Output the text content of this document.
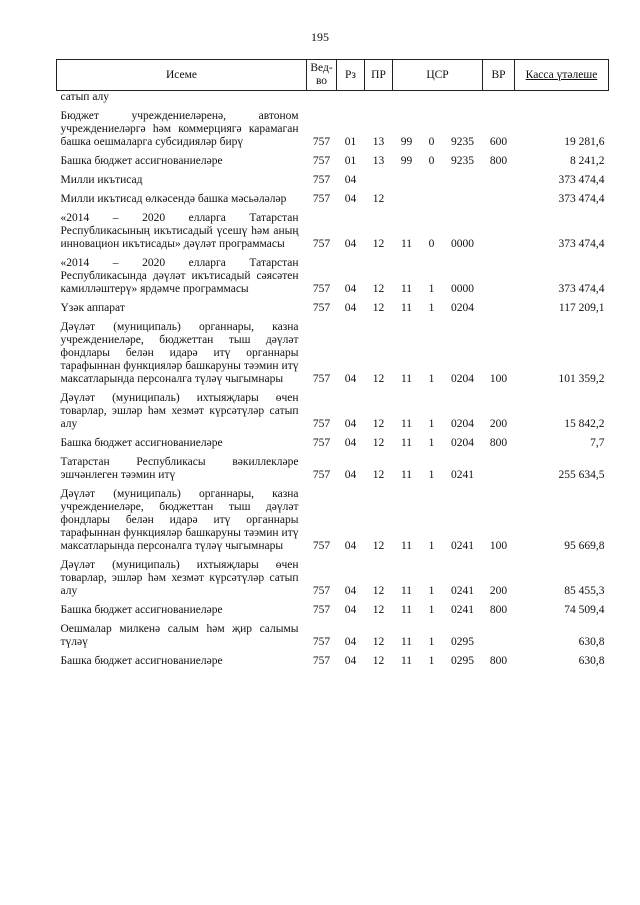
195
Исеме	Вед-во	Рз	ПР	ЦСР			ВР	Касса үтәлеше
сатып алу								
Бюджет учреждениеләренә, автоном учреждениеләргә һәм коммерциягә карамаган башка оешмаларга субсидияләр бирү	757	01	13	99	0	9235	600	19 281,6
Башка бюджет ассигнованиеләре	757	01	13	99	0	9235	800	8 241,2
Милли икътисад	757	04						373 474,4
Милли икътисад өлкәсендә башка мәсьәләләр	757	04	12					373 474,4
«2014 – 2020 елларга Татарстан Республикасының икътисадый үсешү һәм аның инновацион икътисады» дәүләт программасы	757	04	12	11	0	0000		373 474,4
«2014 – 2020 елларга Татарстан Республикасында дәүләт икътисадый сәясәтен камилләштерү» ярдәмче программасы	757	04	12	11	1	0000		373 474,4
Үзәк аппарат	757	04	12	11	1	0204		117 209,1
Дәүләт (муниципаль) органнары, казна учреждениеләре, бюджеттан тыш дәүләт фондлары белән идарә итү органнары тарафыннан функцияләр башкаруны тәэмин итү максатларында персоналга түләү чыгымнары	757	04	12	11	1	0204	100	101 359,2
Дәүләт (муниципаль) ихтыяҗлары өчен товарлар, эшләр һәм хезмәт күрсәтүләр сатып алу	757	04	12	11	1	0204	200	15 842,2
Башка бюджет ассигнованиеләре	757	04	12	11	1	0204	800	7,7
Татарстан Республикасы вәкиллекләре эшчәнлеген тәэмин итү	757	04	12	11	1	0241		255 634,5
Дәүләт (муниципаль) органнары, казна учреждениеләре, бюджеттан тыш дәүләт фондлары белән идарә итү органнары тарафыннан функцияләр башкаруны тәэмин итү максатларында персоналга түләү чыгымнары	757	04	12	11	1	0241	100	95 669,8
Дәүләт (муниципаль) ихтыяҗлары өчен товарлар, эшләр һәм хезмәт күрсәтүләр сатып алу	757	04	12	11	1	0241	200	85 455,3
Башка бюджет ассигнованиеләре	757	04	12	11	1	0241	800	74 509,4
Оешмалар милкенә салым һәм җир салымы түләү	757	04	12	11	1	0295		630,8
Башка бюджет ассигнованиеләре	757	04	12	11	1	0295	800	630,8
